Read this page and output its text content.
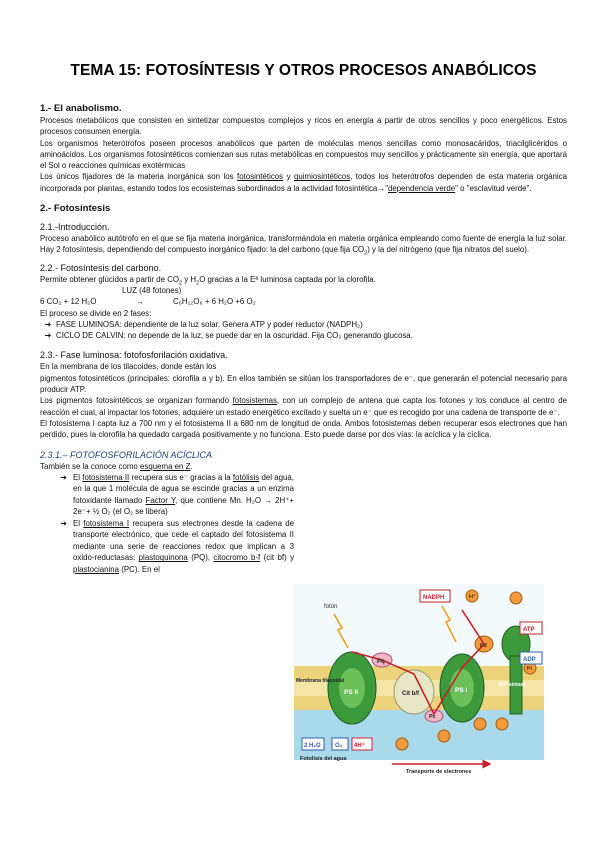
TEMA 15: FOTOSÍNTESIS Y OTROS PROCESOS ANABÓLICOS
1.- El anabolismo.

Procesos metabólicos que consisten en sintetizar compuestos complejos y ricos en energía a partir de otros sencillos y poco energéticos. Estos procesos consumen energía.

Los organismos heterótrofos poseen procesos anabólicos que parten de moléculas menos sencillas como monosacáridos, triacilglicéridos o aminoácidos. Los organismos fotosintéticos comienzan sus rutas metabólicas en compuestos muy sencillos y prácticamente sin energía, que aportará el Sol o reacciones químicas exotérmicas

Los únicos fijadores de la materia inorgánica son los fotosintéticos y quimiosintéticos, todos los heterótrofos dependen de esta materia orgánica incorporada por plantas, estando todos los ecosistemas subordinados a la actividad fotosintética→"dependencia verde" o "esclavitud verde".

2.- Fotosíntesis
2.1.-Introducción.

Proceso anabólico autótrofo en el que se fija materia inorgánica, transformándola en materia orgánica empleando como fuente de energía la luz solar. Hay 2 fotosíntesis, dependiendo del compuesto inorgánico fijado: la del carbono (que fija $CO_2$) y la del nitrógeno (que fija nitratos del suelo).

2.2.- Fotosíntesis del carbono.

Permite obtener glúcidos a partir de $CO_2$ y $H_2O$ gracias a la Eª luminosa captada por la clorofila.

LUZ (48 fotones)

6 CO₂ + 12 H₂O	→	C₆H₁₂O₆ + 6 H₂O +6 O₂

El proceso se divide en 2 fases:

➔ FASE LUMINOSA: dependiente de la luz solar. Genera ATP y poder reductor (NADPH₂)
➔ CICLO DE CALVIN: no depende de la luz, se puede dar en la oscuridad. Fija CO₂ generando glucosa.
2.3.- Fase luminosa: fotofosforilación oxidativa.

En la membrana de los tilacoides, donde están los

pigmentos fotosintéticos (principales: clorofila a y b). En ellos también se sitúan los transportadores de e⁻, que generarán el potencial necesario para producir ATP.

Los pigmentos fotosintéticos se organizan formando fotosistemas, con un complejo de antena que capta los fotones y los conduce al centro de reacción el cual, al impactar los fotones, adquiere un estado energético excitado y suelta un e⁻ que es recogido por una cadena de transporte de e⁻.

El fotosistema I capta luz a 700 nm y el fotosistema II a 680 nm de longitud de onda. Ambos fotosistemas deben recuperar esos electrones que han perdido, pues la clorofila ha quedado cargada positivamente y no funciona. Esto puede darse por dos vías: la acíclica y la cíclica.

2.3.1.– FOTOFOSFORILACIÓN ACÍCLICA

También se la conoce como esquema en Z.

➔ El fotosistema II recupera sus e⁻ gracias a la fotólisis del agua, en la que 1 molécula de agua se escinde gracias a un enzima fotoxidante llamado Factor Y, que contiene Mn. H₂O → 2H⁺+ 2e⁻+ ½ O₂ (el O₂ se libera)
➔ El fotosistema I recupera sus electrones desde la cadena de transporte electrónico, que cede el captado del fotosistema II mediante una serie de reacciones redox que implican a 3 oxido-reductasas: plastoquinona (PQ), citocromo b-f (cit bf) y plastocianina (PC). En el
fotón
NADPH	H⁺
ATP
ADP
Pi
Membrana tilacoidal
PS II	PS I
Pq
Cit b/f
Pc
Fd
ATP sintasa
2 H₂O O₂ 4H⁺
Fotolisis del agua
Transporte de electrones
